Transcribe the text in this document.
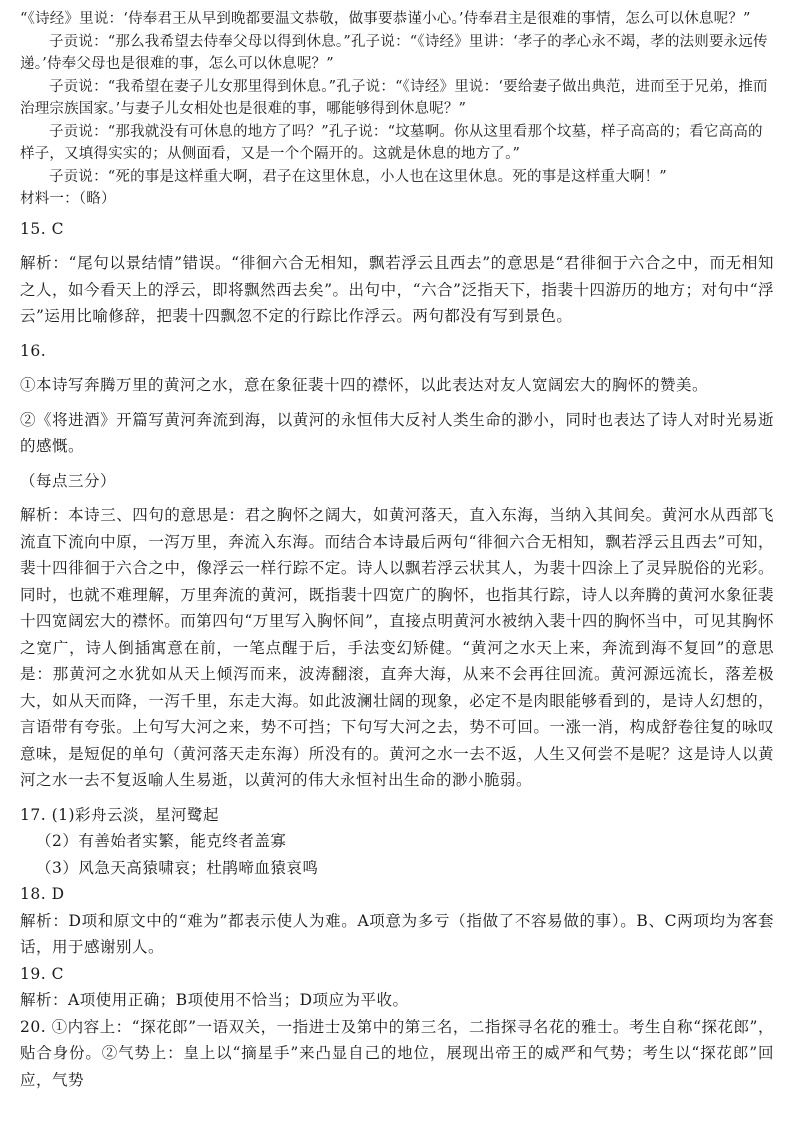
“《诗经》里说：‘侍奉君王从早到晚都要温文恭敬，做事要恭谨小心。’侍奉君主是很难的事情，怎么可以休息呢？”

子贡说：“那么我希望去侍奉父母以得到休息。”孔子说：“《诗经》里讲：‘孝子的孝心永不竭，孝的法则要永远传递。’侍奉父母也是很难的事，怎么可以休息呢？”

子贡说：“我希望在妻子儿女那里得到休息。”孔子说：“《诗经》里说：‘要给妻子做出典范，进而至于兄弟，推而治理宗族国家。’与妻子儿女相处也是很难的事，哪能够得到休息呢？”

子贡说：“那我就没有可休息的地方了吗？”孔子说：“坟墓啊。你从这里看那个坟墓，样子高高的；看它高高的样子，又填得实实的；从侧面看，又是一个个隔开的。这就是休息的地方了。”

子贡说：“死的事是这样重大啊，君子在这里休息，小人也在这里休息。死的事是这样重大啊！”

材料一：（略）

15. C

解析：“尾句以景结情”错误。“徘徊六合无相知，飘若浮云且西去”的意思是“君徘徊于六合之中，而无相知之人，如今看天上的浮云，即将飘然西去矣”。出句中，“六合”泛指天下，指裴十四游历的地方；对句中“浮云”运用比喻修辞，把裴十四飘忽不定的行踪比作浮云。两句都没有写到景色。

16.

①本诗写奔腾万里的黄河之水，意在象征裴十四的襟怀，以此表达对友人宽阔宏大的胸怀的赞美。

②《将进酒》开篇写黄河奔流到海，以黄河的永恒伟大反衬人类生命的渺小，同时也表达了诗人对时光易逝的感慨。

（每点三分）

解析：本诗三、四句的意思是：君之胸怀之阔大，如黄河落天，直入东海，当纳入其间矣。黄河水从西部飞流直下流向中原，一泻万里，奔流入东海。而结合本诗最后两句“徘徊六合无相知，飘若浮云且西去”可知，裴十四徘徊于六合之中，像浮云一样行踪不定。诗人以飘若浮云状其人，为裴十四涂上了灵异脱俗的光彩。同时，也就不难理解，万里奔流的黄河，既指裴十四宽广的胸怀，也指其行踪，诗人以奔腾的黄河水象征裴十四宽阔宏大的襟怀。而第四句“万里写入胸怀间”，直接点明黄河水被纳入裴十四的胸怀当中，可见其胸怀之宽广，诗人倒插寓意在前，一笔点醒于后，手法变幻矫健。“黄河之水天上来，奔流到海不复回”的意思是：那黄河之水犹如从天上倾泻而来，波涛翻滚，直奔大海，从来不会再往回流。黄河源远流长，落差极大，如从天而降，一泻千里，东走大海。如此波澜壮阔的现象，必定不是肉眼能够看到的，是诗人幻想的，言语带有夸张。上句写大河之来，势不可挡；下句写大河之去，势不可回。一涨一消，构成舒卷往复的咏叹意味，是短促的单句（黄河落天走东海）所没有的。黄河之水一去不返，人生又何尝不是呢？这是诗人以黄河之水一去不复返喻人生易逝，以黄河的伟大永恒衬出生命的渺小脆弱。

17. (1)彩舟云淡，星河鹭起

（2）有善始者实繁，能克终者盖寡

（3）风急天高猿啸哀；杜鹃啼血猿哀鸣

18. D

解析：D项和原文中的“难为”都表示使人为难。A项意为多亏（指做了不容易做的事）。B、C两项均为客套话，用于感谢别人。

19. C

解析：A项使用正确；B项使用不恰当；D项应为平收。

20. ①内容上：“探花郎”一语双关，一指进士及第中的第三名，二指探寻名花的雅士。考生自称“探花郎”，贴合身份。②气势上：皇上以“摘星手”来凸显自己的地位，展现出帝王的威严和气势；考生以“探花郎”回应，气势
